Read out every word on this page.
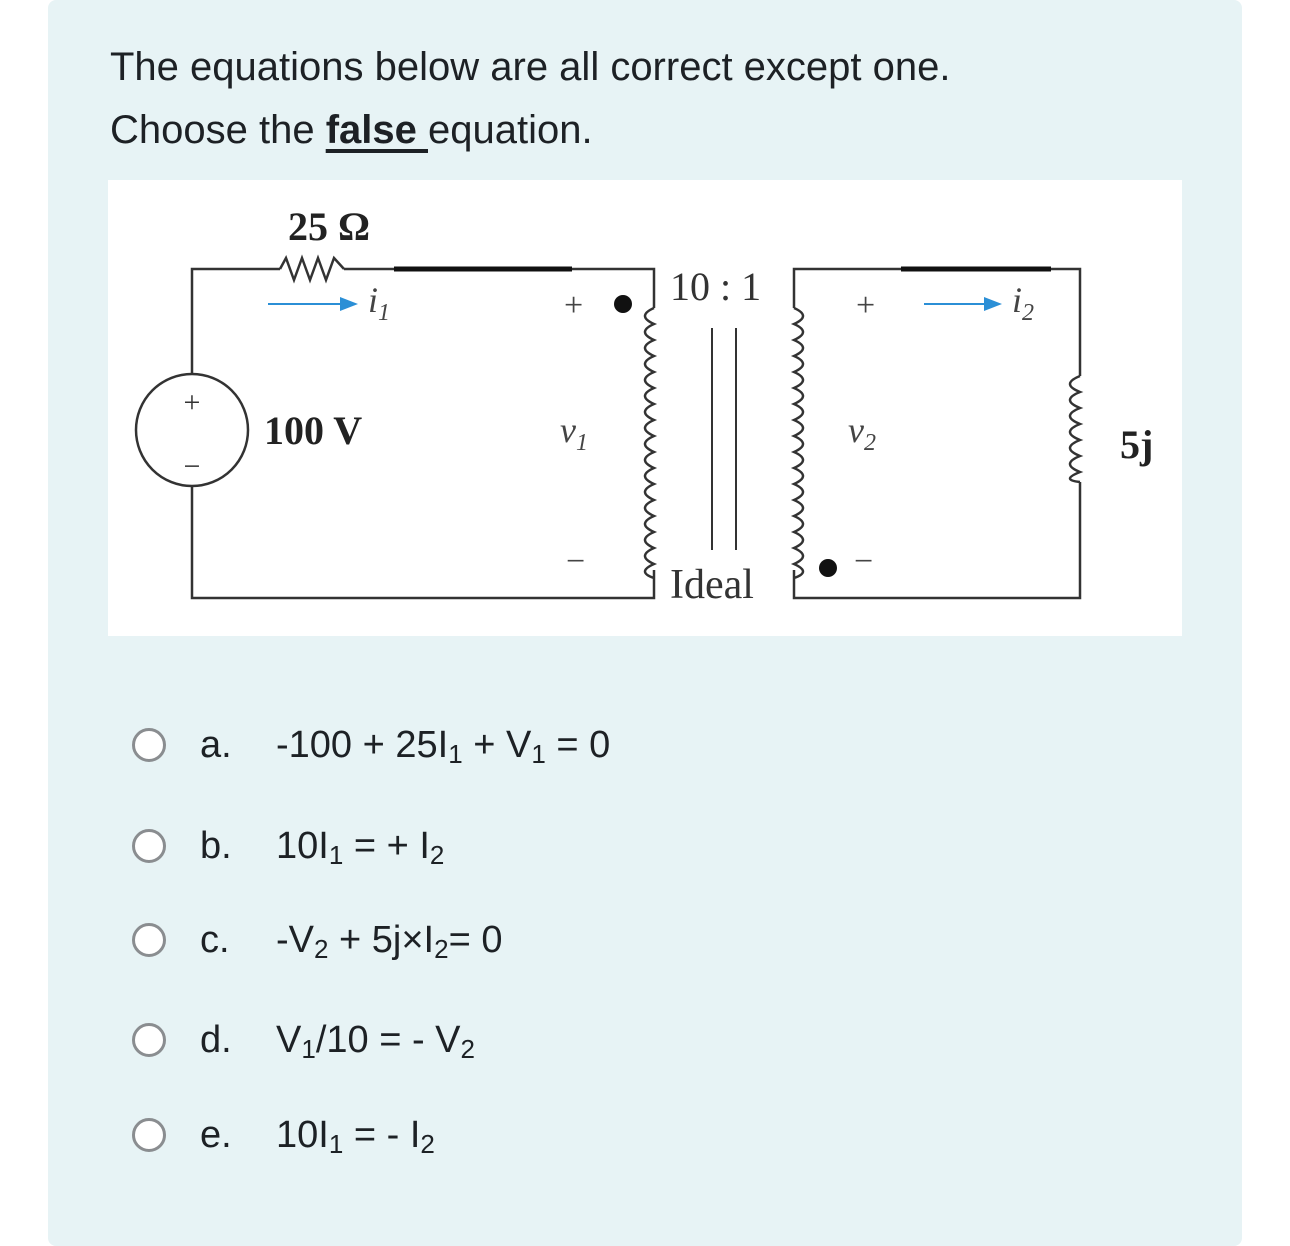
The equations below are all correct except one.
Choose the false equation.
+
−
25 Ω
$i_1$	$i_2$
100 V
+
$v_1$
−
+
$v_2$
−
10 : 1
Ideal
5j
a. $-100 + 25I_1 + V_1 = 0$
b. $10I_1$ = + $I_2$
c. $-V_2 + 5j\times I_2= 0$
d. $V_1/10$ = - $V_2$
e. $10I_1$ = - $I_2$
